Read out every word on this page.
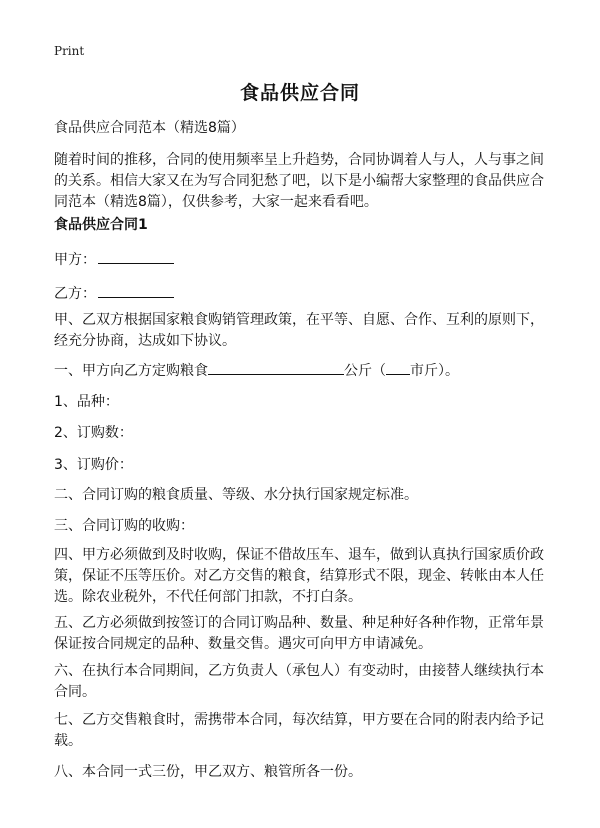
Print
食品供应合同
食品供应合同范本（精选8篇）
随着时间的推移，合同的使用频率呈上升趋势，合同协调着人与人，人与事之间的关系。相信大家又在为写合同犯愁了吧，以下是小编帮大家整理的食品供应合同范本（精选8篇），仅供参考，大家一起来看看吧。
食品供应合同1
甲方：
乙方：
甲、乙双方根据国家粮食购销管理政策，在平等、自愿、合作、互利的原则下，经充分协商，达成如下协议。
一、甲方向乙方定购粮食	公斤（ 市斤）。
1、品种：
2、订购数：
3、订购价：
二、合同订购的粮食质量、等级、水分执行国家规定标准。
三、合同订购的收购：
四、甲方必须做到及时收购，保证不借故压车、退车，做到认真执行国家质价政策，保证不压等压价。对乙方交售的粮食，结算形式不限，现金、转帐由本人任选。除农业税外，不代任何部门扣款，不打白条。
五、乙方必须做到按签订的合同订购品种、数量、种足种好各种作物，正常年景保证按合同规定的品种、数量交售。遇灾可向甲方申请减免。
六、在执行本合同期间，乙方负责人（承包人）有变动时，由接替人继续执行本合同。
七、乙方交售粮食时，需携带本合同，每次结算，甲方要在合同的附表内给予记载。
八、本合同一式三份，甲乙双方、粮管所各一份。
